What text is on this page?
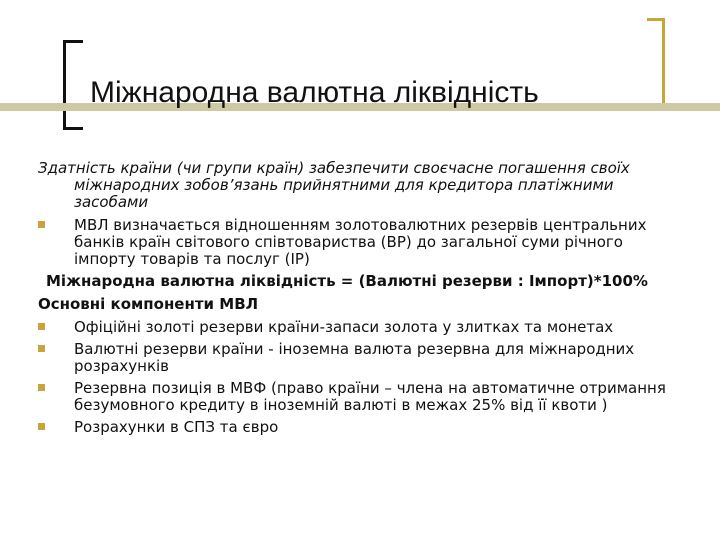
Міжнародна валютна ліквідність

Здатність країни (чи групи країн) забезпечити своєчасне погашення своїх міжнародних зобов’язань прийнятними для кредитора платіжними засобами

МВЛ визначається відношенням золотовалютних резервів центральних банків країн світового співтовариства (ВР) до загальної суми річного імпорту товарів та послуг (ІР)

Міжнародна валютна ліквідність = (Валютні резерви : Імпорт)*100%

Основні компоненти МВЛ

Офіційні золоті резерви країни-запаси золота у злитках та монетах
Валютні резерви країни - іноземна валюта резервна для міжнародних розрахунків
Резервна позиція в МВФ (право країни – члена на автоматичне отримання безумовного кредиту в іноземній валюті в межах 25% від її квоти )
Розрахунки в СПЗ та євро
